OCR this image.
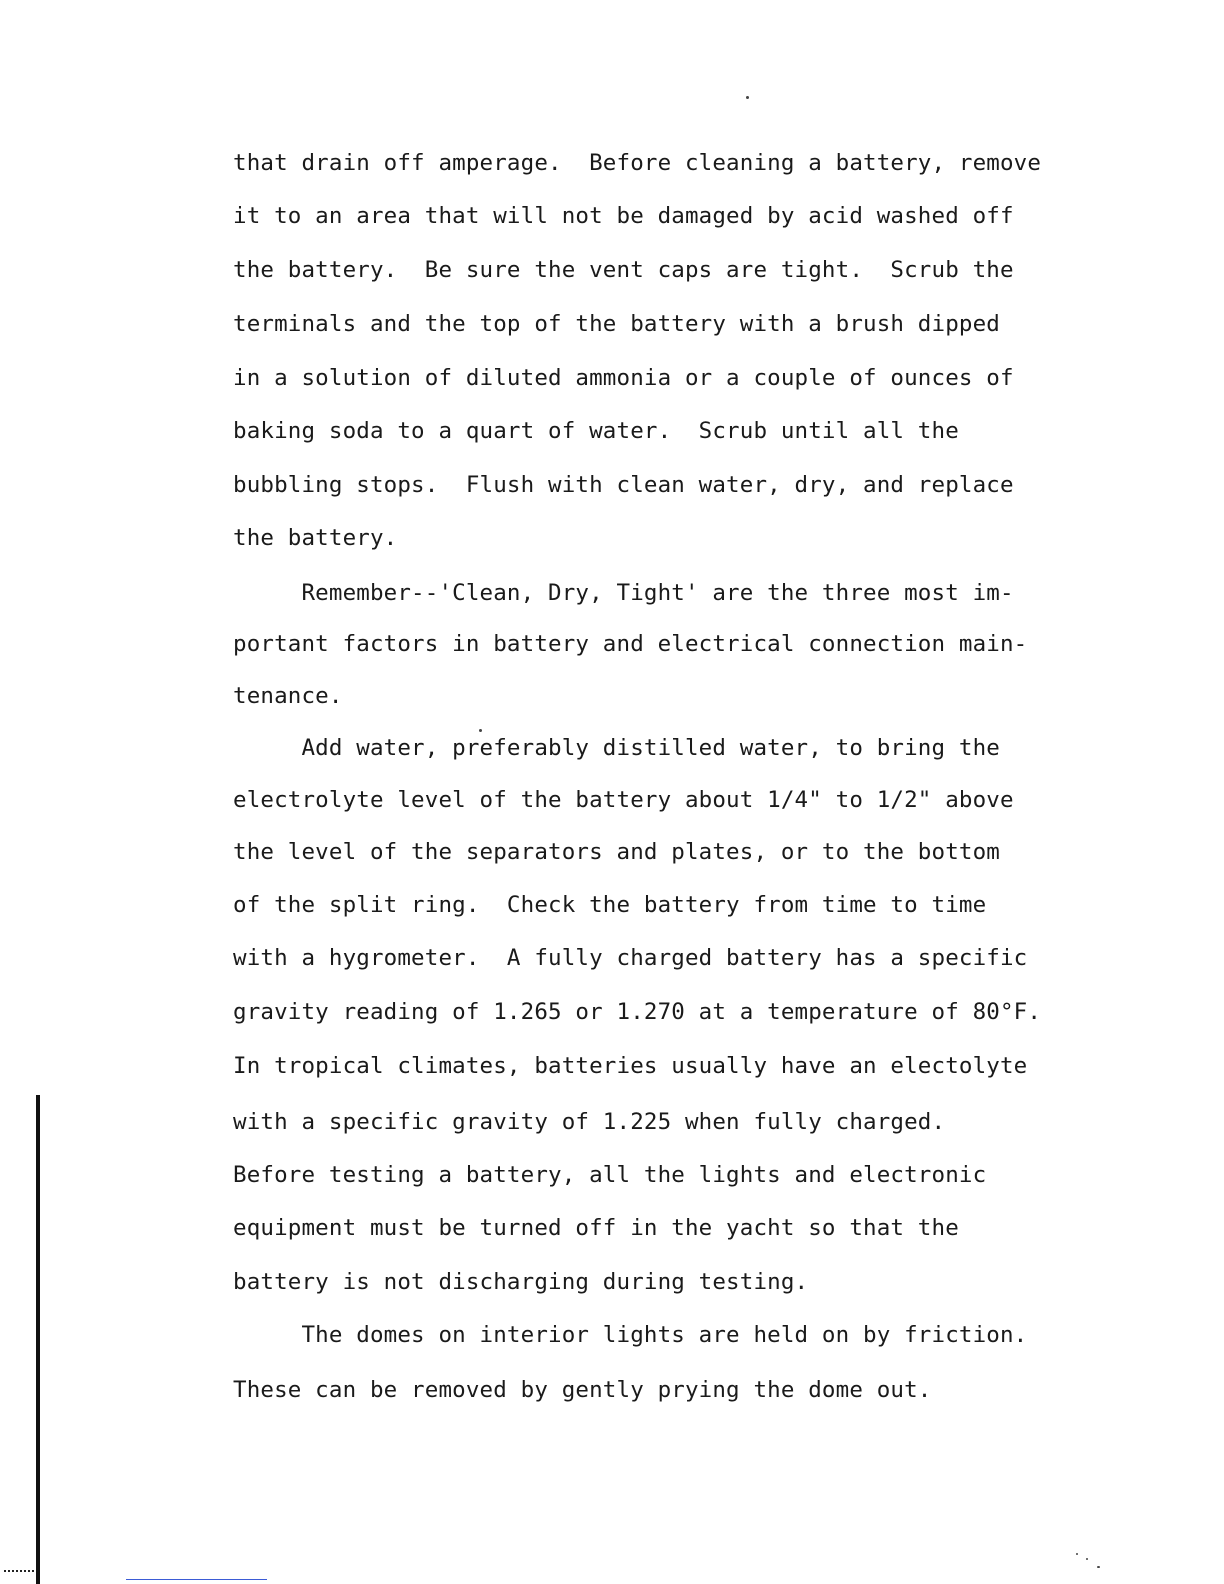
that drain off amperage.  Before cleaning a battery, remove
it to an area that will not be damaged by acid washed off
the battery.  Be sure the vent caps are tight.  Scrub the
terminals and the top of the battery with a brush dipped
in a solution of diluted ammonia or a couple of ounces of
baking soda to a quart of water.  Scrub until all the
bubbling stops.  Flush with clean water, dry, and replace
the battery.
Remember--'Clean, Dry, Tight' are the three most im-
portant factors in battery and electrical connection main-
tenance.
Add water, preferably distilled water, to bring the
electrolyte level of the battery about 1/4" to 1/2" above
the level of the separators and plates, or to the bottom
of the split ring.  Check the battery from time to time
with a hygrometer.  A fully charged battery has a specific
gravity reading of 1.265 or 1.270 at a temperature of 80°F.
In tropical climates, batteries usually have an electolyte
with a specific gravity of 1.225 when fully charged.
Before testing a battery, all the lights and electronic
equipment must be turned off in the yacht so that the
battery is not discharging during testing.
The domes on interior lights are held on by friction.
These can be removed by gently prying the dome out.
